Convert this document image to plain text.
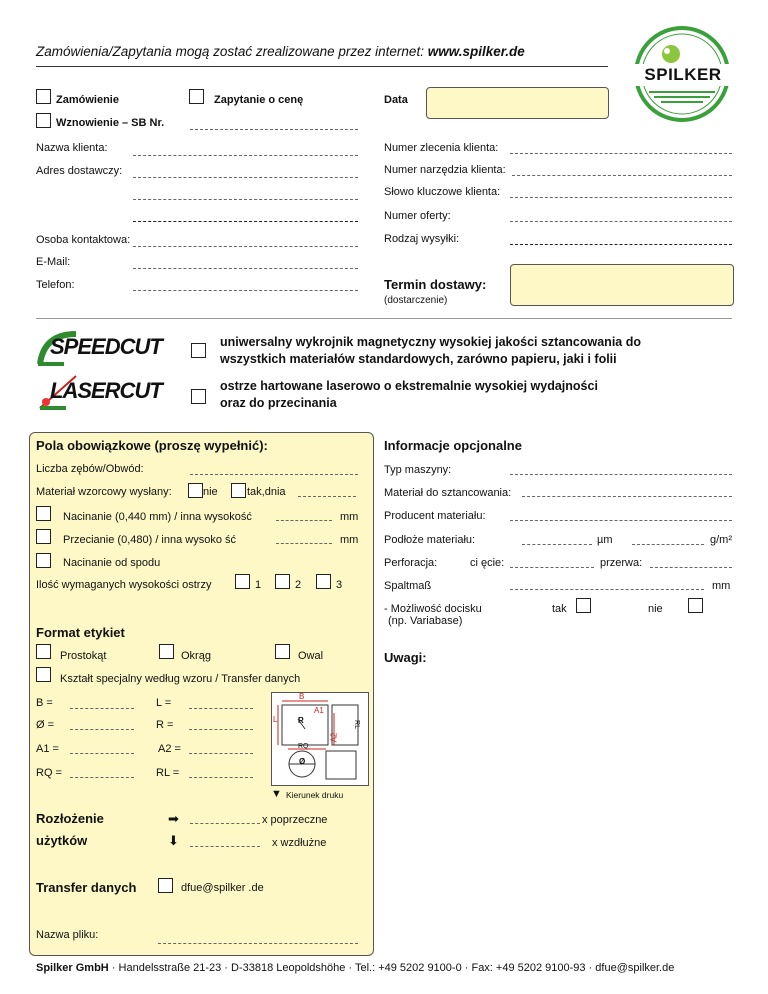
Zamówienia/Zapytania mogą zostać zrealizowane przez internet: www.spilker.de
SPILKER
Zamówienie	Zapytanie o cenę	Data
Wznowienie – SB Nr.
Nazwa klienta:
Adres dostawczy:
Osoba kontaktowa:
E-Mail:
Telefon:
Numer zlecenia klienta:
Numer narzędzia klienta:
Słowo kluczowe klienta:
Numer oferty:
Rodzaj wysyłki:
Termin dostawy:
(dostarczenie)
SPEEDCUT
LASERCUT
uniwersalny wykrojnik magnetyczny wysokiej jakości sztancowania do
wszystkich materiałów standardowych, zarówno papieru, jaki i folii
ostrze hartowane laserowo o ekstremalnie wysokiej wydajności
oraz do przecinania
Pola obowiązkowe (proszę wypełnić):
Liczba zębów/Obwód:
Materiał wzorcowy wysłany:	nie	tak,dnia
Nacinanie (0,440 mm) / inna wysokość	mm
Przecianie (0,480) / inna wysoko ść	mm
Nacinanie od spodu
Ilość wymaganych wysokości ostrzy	1	2	3
Format etykiet
Prostokąt	Okrąg	Owal
Kształt specjalny według wzoru / Transfer danych
B =	L =
Ø =	R =
A1 =	A2 =
RQ =	RL =
B
L	R
A1
A2
RQ
RL
Ø
▼ Kierunek druku
Rozłożenie	➡	x poprzeczne
użytków	⬇	x wzdłużne
Transfer danych	dfue@spilker .de
Nazwa pliku:
Informacje opcjonalne
Typ maszyny:
Materiał do sztancowania:
Producent materiału:
Podłoże materiału:	µm	g/m²
Perforacja:	ci ęcie:	przerwa:
Spaltmaß	mm
- Możliwość docisku
(np. Variabase)
tak	nie
Uwagi:
Spilker GmbH · Handelsstraße 21-23 · D-33818 Leopoldshöhe · Tel.: +49 5202 9100-0 · Fax: +49 5202 9100-93 · dfue@spilker.de
